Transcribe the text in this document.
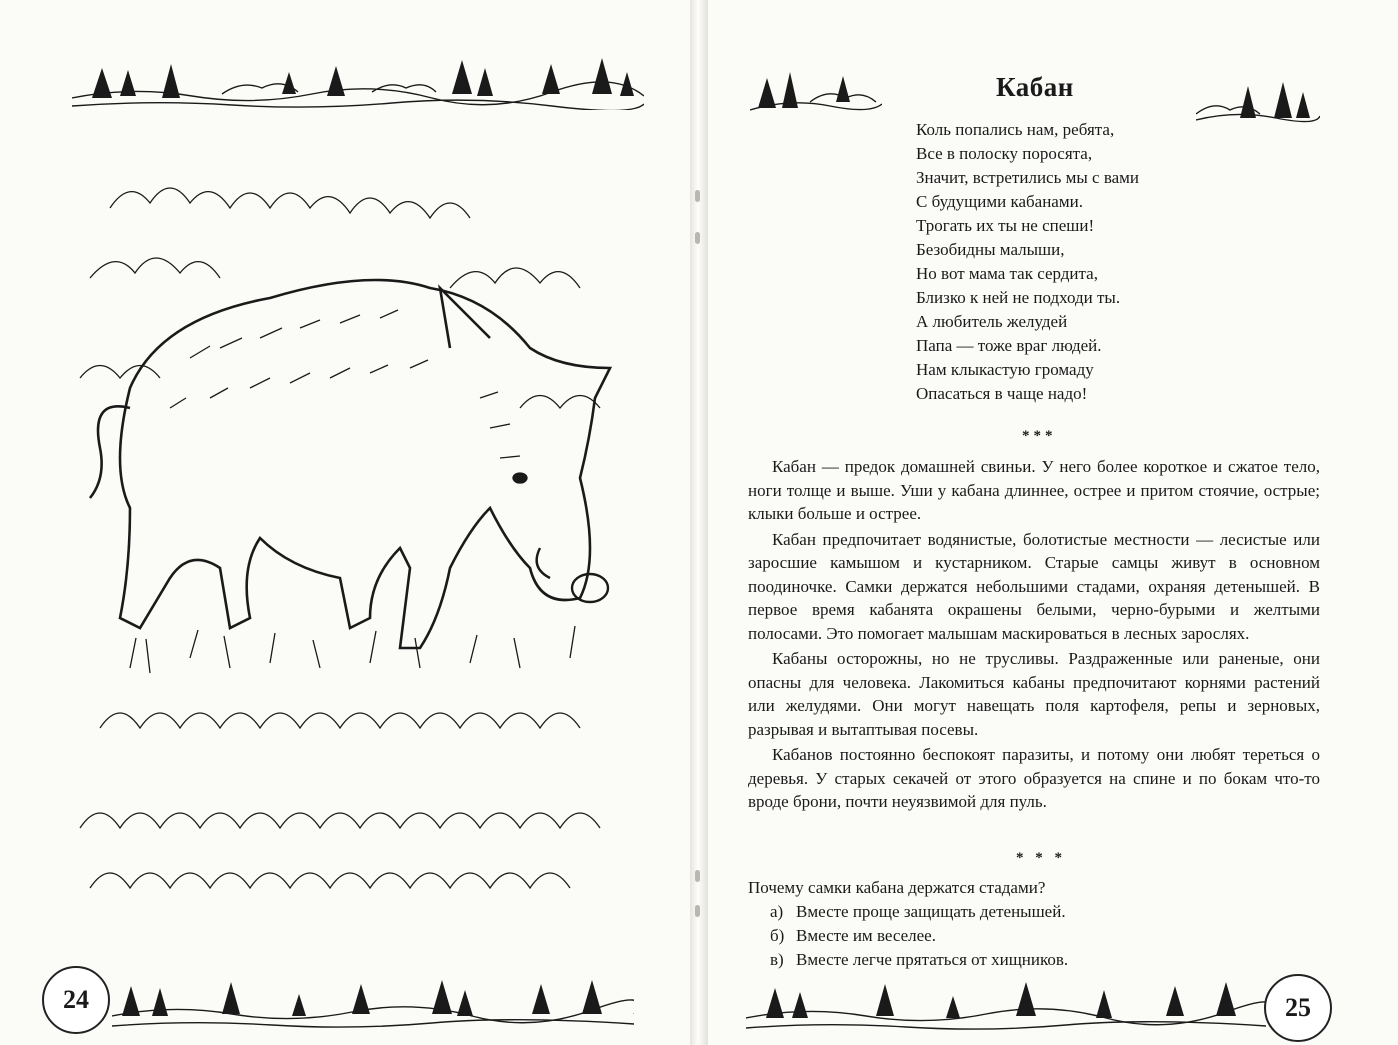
24
Кабан
Коль попались нам, ребята,
Все в полоску поросята,
Значит, встретились мы с вами
С будущими кабанами.
Трогать их ты не спеши!
Безобидны малыши,
Но вот мама так сердита,
Близко к ней не подходи ты.
А любитель желудей
Папа — тоже враг людей.
Нам клыкастую громаду
Опасаться в чаще надо!
***

Кабан — предок домашней свиньи. У него более короткое и сжатое тело, ноги толще и выше. Уши у кабана длиннее, острее и притом стоячие, острые; клыки больше и острее.

Кабан предпочитает водянистые, болотистые местности — лесистые или заросшие камышом и кустарником. Старые самцы живут в основном поодиночке. Самки держатся небольшими стадами, охраняя детенышей. В первое время кабанята окрашены белыми, черно-бурыми и желтыми полосами. Это помогает малышам маскироваться в лесных зарослях.

Кабаны осторожны, но не трусливы. Раздраженные или раненые, они опасны для человека. Лакомиться кабаны предпочитают корнями растений или желудями. Они могут навещать поля картофеля, репы и зерновых, разрывая и вытаптывая посевы.

Кабанов постоянно беспокоят паразиты, и потому они любят тереться о деревья. У старых секачей от этого образуется на спине и по бокам что-то вроде брони, почти неуязвимой для пуль.

* * *
Почему самки кабана держатся стадами?
а) Вместе проще защищать детенышей.
б) Вместе им веселее.
в) Вместе легче прятаться от хищников.
25
